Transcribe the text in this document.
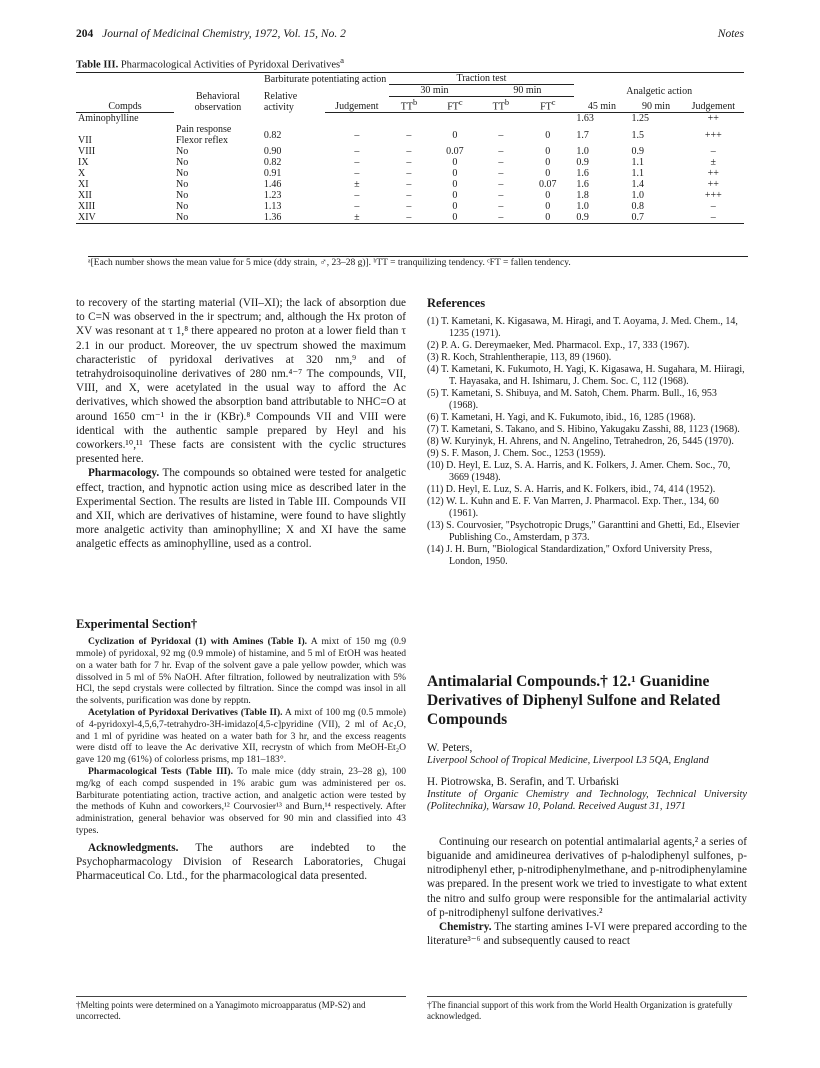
204 Journal of Medicinal Chemistry, 1972, Vol. 15, No. 2	Notes
Table III. Pharmacological Activities of Pyridoxal Derivatives$^a$
		Barbiturate potentiating action		Traction test						
	Behavioral observation	Relative activity		30 min		90 min		Analgetic action		
Compds			Judgement	$TT^b$	$FT^c$	$TT^b$	$FT^c$	45 min	90 min	Judgement
Aminophylline								1.63	1.25	++
VII	Pain response Flexor reflex	0.82	–	–	0	–	0	1.7	1.5	+++
VIII	No	0.90	–	–	0.07	–	0	1.0	0.9	–
IX	No	0.82	–	–	0	–	0	0.9	1.1	±
X	No	0.91	–	–	0	–	0	1.6	1.1	++
XI	No	1.46	±	–	0	–	0.07	1.6	1.4	++
XII	No	1.23	–	–	0	–	0	1.8	1.0	+++
XIII	No	1.13	–	–	0	–	0	1.0	0.8	–
XIV	No	1.36	±	–	0	–	0	0.9	0.7	–
ᵃ[Each number shows the mean value for 5 mice (ddy strain, ♂, 23–28 g)]. ᵇTT = tranquilizing tendency. ᶜFT = fallen tendency.

to recovery of the starting material (VII–XI); the lack of absorption due to C=N was observed in the ir spectrum; and, although the Hx proton of XV was resonant at τ 1,⁸ there appeared no proton at a lower field than τ 2.1 in our product. Moreover, the uv spectrum showed the maximum characteristic of pyridoxal derivatives at 320 nm,⁹ and of tetrahydroisoquinoline derivatives of 280 nm.⁴⁻⁷ The compounds, VII, VIII, and X, were acetylated in the usual way to afford the Ac derivatives, which showed the absorption band attributable to NHC=O at around 1650 cm⁻¹ in the ir (KBr).⁸ Compounds VII and VIII were identical with the authentic sample prepared by Heyl and his coworkers.¹⁰,¹¹ These facts are consistent with the cyclic structures presented here.

Pharmacology. The compounds so obtained were tested for analgetic effect, traction, and hypnotic action using mice as described later in the Experimental Section. The results are listed in Table III. Compounds VII and XII, which are derivatives of histamine, were found to have slightly more analgetic activity than aminophylline; X and XI have the same analgetic effects as aminophylline, used as a control.

Experimental Section†

Cyclization of Pyridoxal (1) with Amines (Table I). A mixt of 150 mg (0.9 mmole) of pyridoxal, 92 mg (0.9 mmole) of histamine, and 5 ml of EtOH was heated on a water bath for 7 hr. Evap of the solvent gave a pale yellow powder, which was dissolved in 5 ml of 5% NaOH. After filtration, followed by neutralization with 5% HCl, the sepd crystals were collected by filtration. Since the compd was insol in all the solvents, purification was done by repptn.

Acetylation of Pyridoxal Derivatives (Table II). A mixt of 100 mg (0.5 mmole) of 4-pyridoxyl-4,5,6,7-tetrahydro-3H-imidazo[4,5-c]pyridine (VII), 2 ml of Ac₂O, and 1 ml of pyridine was heated on a water bath for 3 hr, and the excess reagents were distd off to leave the Ac derivative XII, recrystn of which from MeOH-Et₂O gave 120 mg (61%) of colorless prisms, mp 181–183°.

Pharmacological Tests (Table III). To male mice (ddy strain, 23–28 g), 100 mg/kg of each compd suspended in 1% arabic gum was administered per os. Barbiturate potentiating action, tractive action, and analgetic action were tested by the methods of Kuhn and coworkers,¹² Courvosier¹³ and Burn,¹⁴ respectively. After administration, general behavior was observed for 90 min and classified into 43 types.

Acknowledgments. The authors are indebted to the Psychopharmacology Division of Research Laboratories, Chugai Pharmaceutical Co. Ltd., for the pharmacological data presented.

†Melting points were determined on a Yanagimoto microapparatus (MP-S2) and uncorrected.
References

(1) T. Kametani, K. Kigasawa, M. Hiragi, and T. Aoyama, J. Med. Chem., 14, 1235 (1971).

(2) P. A. G. Dereymaeker, Med. Pharmacol. Exp., 17, 333 (1967).

(3) R. Koch, Strahlentherapie, 113, 89 (1960).

(4) T. Kametani, K. Fukumoto, H. Yagi, K. Kigasawa, H. Sugahara, M. Hiiragi, T. Hayasaka, and H. Ishimaru, J. Chem. Soc. C, 112 (1968).

(5) T. Kametani, S. Shibuya, and M. Satoh, Chem. Pharm. Bull., 16, 953 (1968).

(6) T. Kametani, H. Yagi, and K. Fukumoto, ibid., 16, 1285 (1968).

(7) T. Kametani, S. Takano, and S. Hibino, Yakugaku Zasshi, 88, 1123 (1968).

(8) W. Kuryinyk, H. Ahrens, and N. Angelino, Tetrahedron, 26, 5445 (1970).

(9) S. F. Mason, J. Chem. Soc., 1253 (1959).

(10) D. Heyl, E. Luz, S. A. Harris, and K. Folkers, J. Amer. Chem. Soc., 70, 3669 (1948).

(11) D. Heyl, E. Luz, S. A. Harris, and K. Folkers, ibid., 74, 414 (1952).

(12) W. L. Kuhn and E. F. Van Marren, J. Pharmacol. Exp. Ther., 134, 60 (1961).

(13) S. Courvosier, "Psychotropic Drugs," Garanttini and Ghetti, Ed., Elsevier Publishing Co., Amsterdam, p 373.

(14) J. H. Burn, "Biological Standardization," Oxford University Press, London, 1950.

Antimalarial Compounds.† 12.¹ Guanidine Derivatives of Diphenyl Sulfone and Related Compounds

W. Peters,

Liverpool School of Tropical Medicine, Liverpool L3 5QA, England

H. Piotrowska, B. Serafin, and T. Urbański

Institute of Organic Chemistry and Technology, Technical University (Politechnika), Warsaw 10, Poland. Received August 31, 1971

Continuing our research on potential antimalarial agents,² a series of biguanide and amidineurea derivatives of p-halodiphenyl sulfones, p-nitrodiphenyl ether, p-nitrodiphenylmethane, and p-nitrodiphenylamine was prepared. In the present work we tried to investigate to what extent the nitro and sulfo group were responsible for the antimalarial activity of p-nitrodiphenyl sulfone derivatives.²

Chemistry. The starting amines I-VI were prepared according to the literature³⁻⁶ and subsequently caused to react

†The financial support of this work from the World Health Organization is gratefully acknowledged.
